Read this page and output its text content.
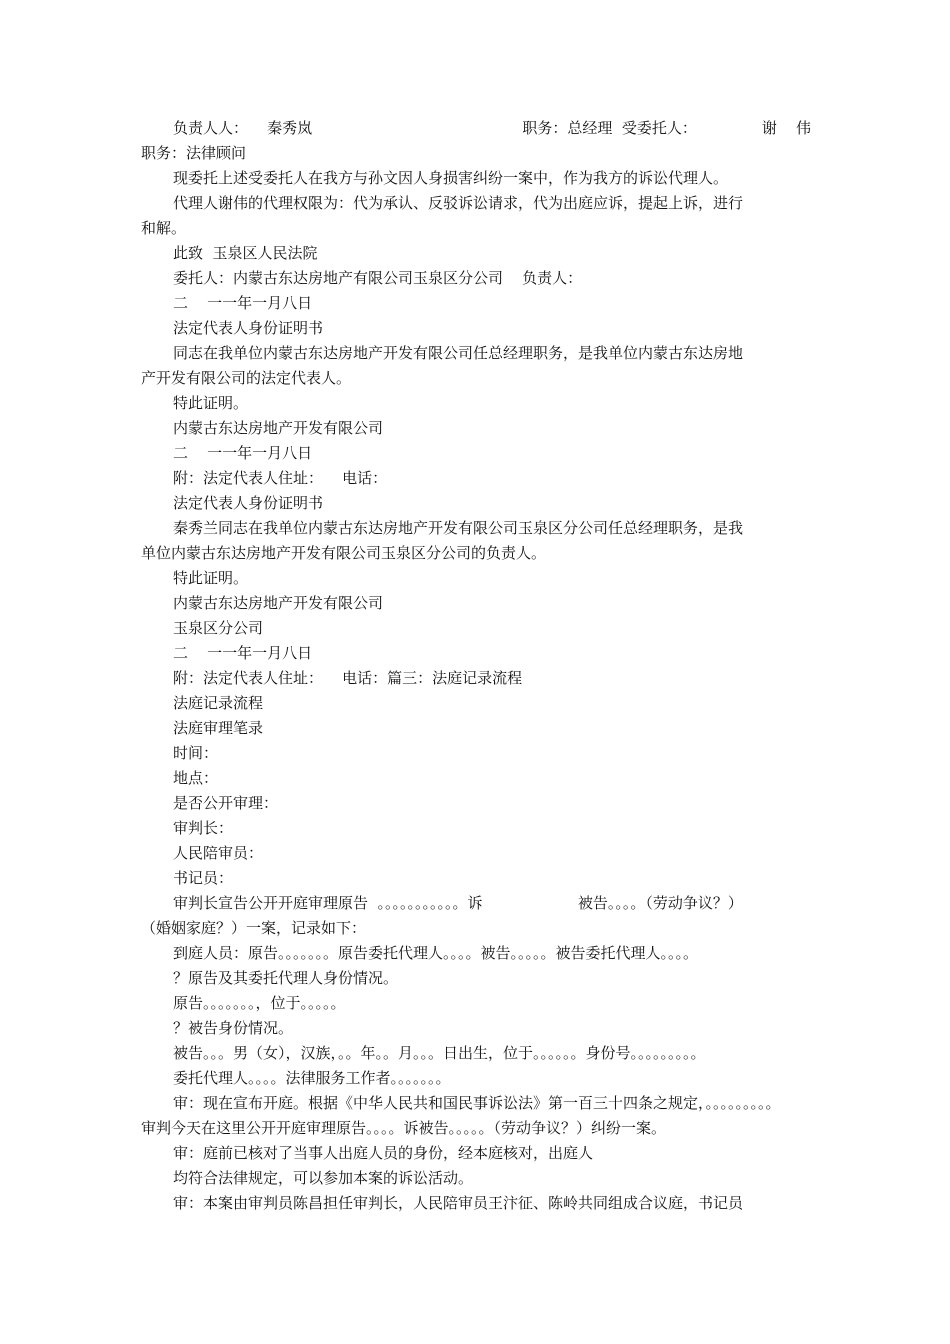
负责人人：    秦秀岚	职务：总经理  受委托人：	谢    伟
职务：法律顾问
现委托上述受委托人在我方与孙文因人身损害纠纷一案中，作为我方的诉讼代理人。
代理人谢伟的代理权限为：代为承认、反驳诉讼请求，代为出庭应诉，提起上诉，进行
和解。
此致  玉泉区人民法院
委托人：内蒙古东达房地产有限公司玉泉区分公司    负责人：
二    一一年一月八日
法定代表人身份证明书
同志在我单位内蒙古东达房地产开发有限公司任总经理职务，是我单位内蒙古东达房地
产开发有限公司的法定代表人。
特此证明。
内蒙古东达房地产开发有限公司
二    一一年一月八日
附：法定代表人住址：    电话：
法定代表人身份证明书
秦秀兰同志在我单位内蒙古东达房地产开发有限公司玉泉区分公司任总经理职务，是我
单位内蒙古东达房地产开发有限公司玉泉区分公司的负责人。
特此证明。
内蒙古东达房地产开发有限公司
玉泉区分公司
二    一一年一月八日
附：法定代表人住址：    电话：篇三：法庭记录流程
法庭记录流程
法庭审理笔录
时间：
地点：
是否公开审理：
审判长：
人民陪审员：
书记员：
审判长宣告公开开庭审理原告  。。。。。。。。。。。诉                    被告。。。。（劳动争议？）
（婚姻家庭？）一案，记录如下：
到庭人员：原告。。。。。。。原告委托代理人。。。。被告。。。。。被告委托代理人。。。。
？原告及其委托代理人身份情况。
原告。。。。。。。，位于。。。。。
？被告身份情况。
被告。。。男（女），汉族，。。年。。月。。。日出生，位于。。。。。。身份号。。。。。。。。。
委托代理人。。。。法律服务工作者。。。。。。。
审：现在宣布开庭。根据《中华人民共和国民事诉讼法》第一百三十四条之规定，。。。。。。。。。
审判今天在这里公开开庭审理原告。。。。诉被告。。。。。（劳动争议？）纠纷一案。
审：庭前已核对了当事人出庭人员的身份，经本庭核对，出庭人
均符合法律规定，可以参加本案的诉讼活动。
审：本案由审判员陈昌担任审判长，人民陪审员王汴征、陈岭共同组成合议庭，书记员
